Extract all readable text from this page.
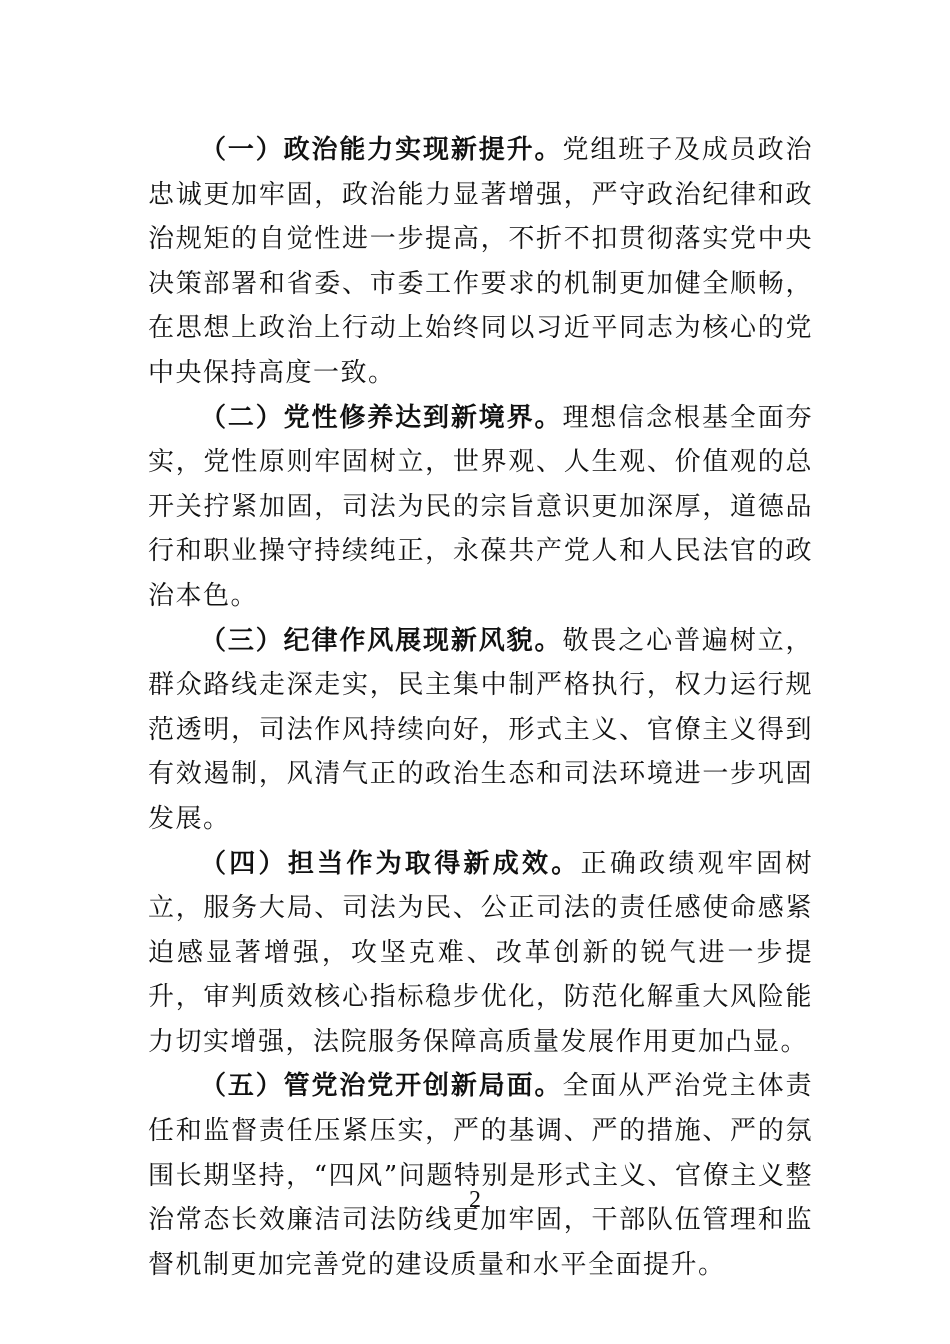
（一）政治能力实现新提升。党组班子及成员政治忠诚更加牢固，政治能力显著增强，严守政治纪律和政治规矩的自觉性进一步提高，不折不扣贯彻落实党中央决策部署和省委、市委工作要求的机制更加健全顺畅，在思想上政治上行动上始终同以习近平同志为核心的党中央保持高度一致。

（二）党性修养达到新境界。理想信念根基全面夯实，党性原则牢固树立，世界观、人生观、价值观的总开关拧紧加固，司法为民的宗旨意识更加深厚，道德品行和职业操守持续纯正，永葆共产党人和人民法官的政治本色。

（三）纪律作风展现新风貌。敬畏之心普遍树立，群众路线走深走实，民主集中制严格执行，权力运行规范透明，司法作风持续向好，形式主义、官僚主义得到有效遏制，风清气正的政治生态和司法环境进一步巩固发展。

（四）担当作为取得新成效。正确政绩观牢固树立，服务大局、司法为民、公正司法的责任感使命感紧迫感显著增强，攻坚克难、改革创新的锐气进一步提升，审判质效核心指标稳步优化，防范化解重大风险能力切实增强，法院服务保障高质量发展作用更加凸显。

（五）管党治党开创新局面。全面从严治党主体责任和监督责任压紧压实，严的基调、严的措施、严的氛围长期坚持，“四风”问题特别是形式主义、官僚主义整治常态长效廉洁司法防线更加牢固，干部队伍管理和监督机制更加完善党的建设质量和水平全面提升。

2
